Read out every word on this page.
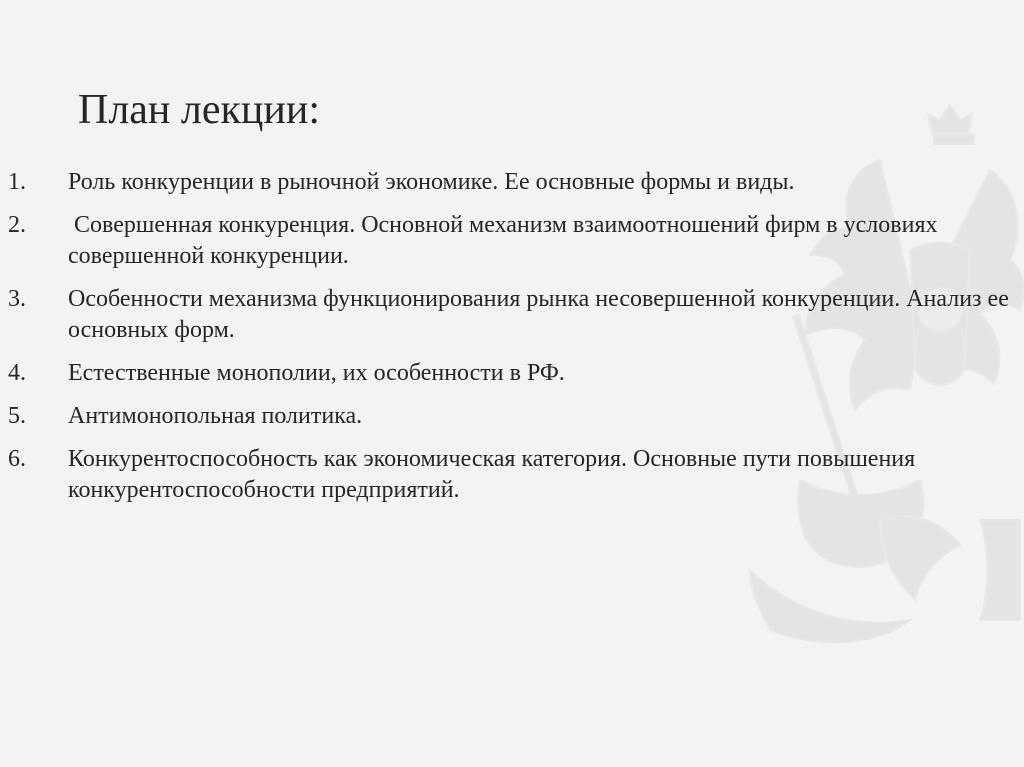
План лекции:
1.	Роль конкуренции в рыночной экономике. Ее основные формы и виды.
2.	Совершенная конкуренция. Основной механизм взаимоотношений фирм в условиях совершенной конкуренции.
3.	Особенности механизма функционирования рынка несовершенной конкуренции. Анализ ее основных форм.
4.	Естественные монополии, их особенности в РФ.
5.	Антимонопольная политика.
6.	Конкурентоспособность как экономическая категория. Основные пути повышения конкурентоспособности предприятий.
